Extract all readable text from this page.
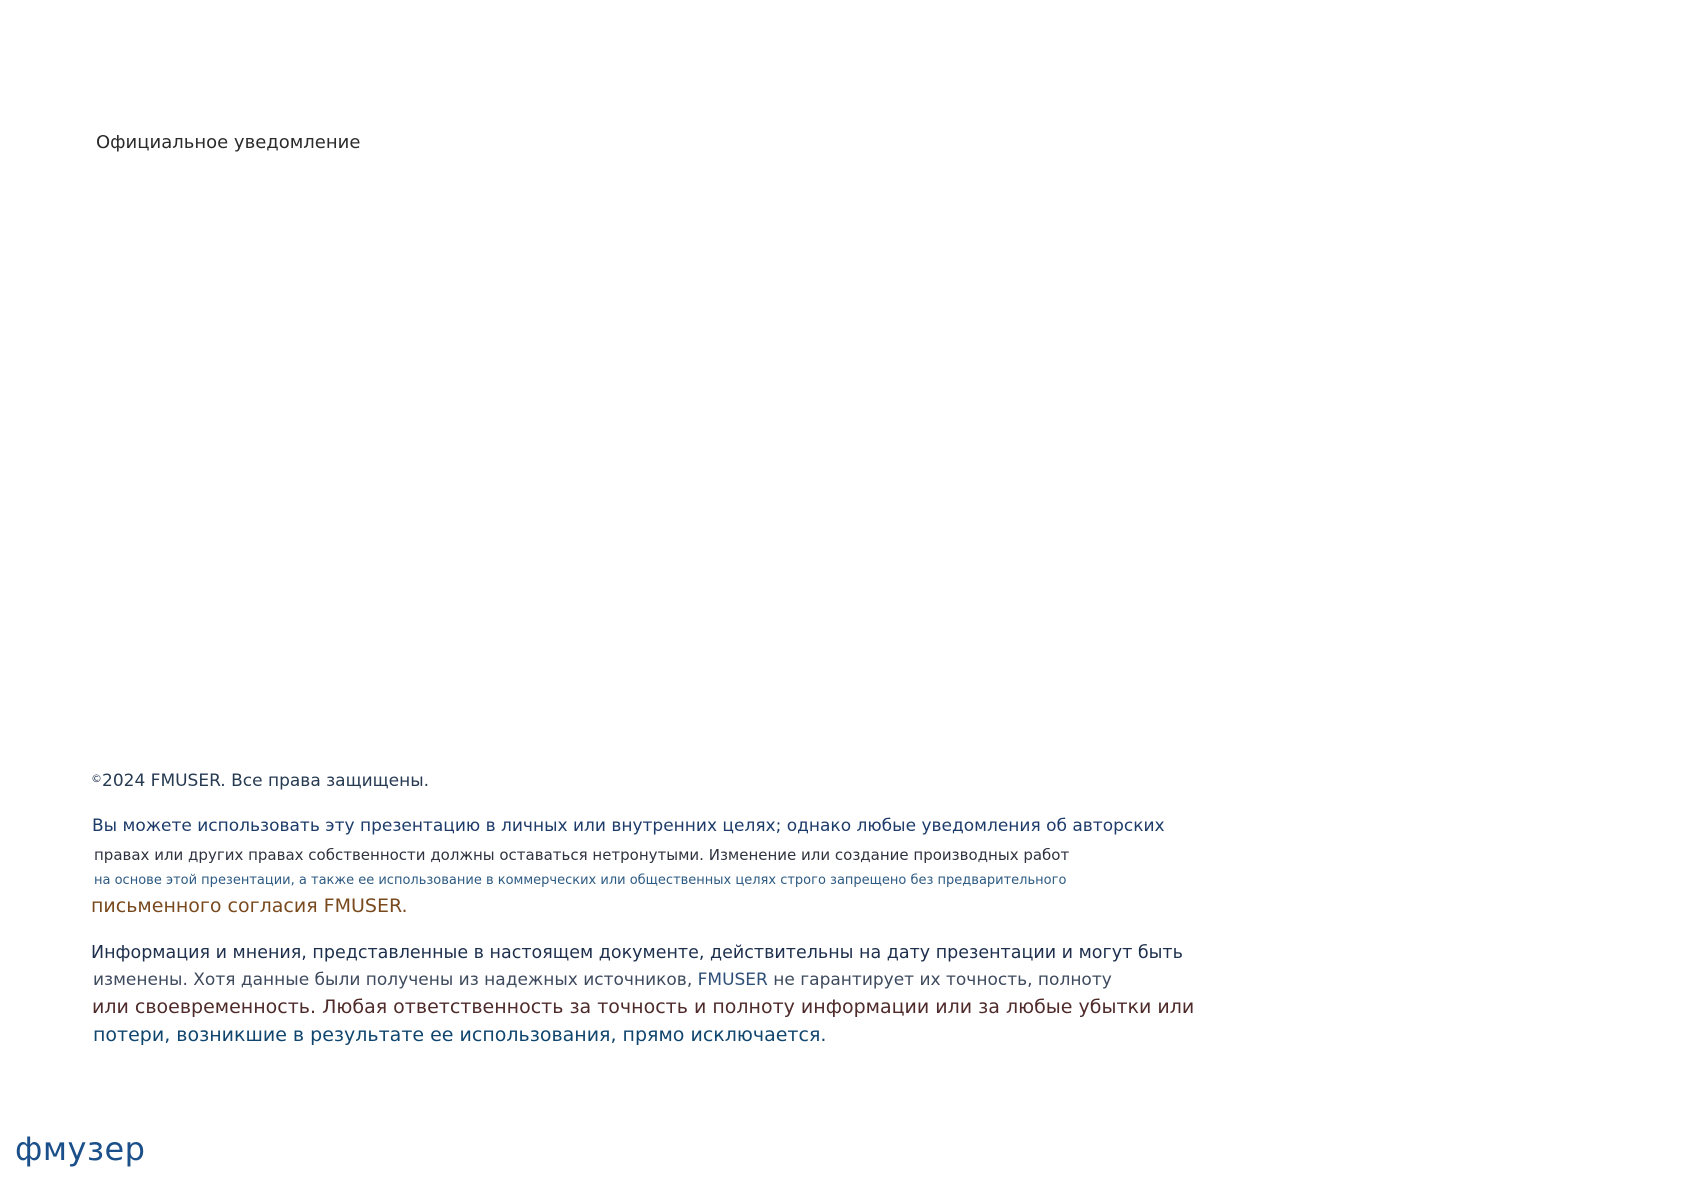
Официальное уведомление
©2024 FMUSER. Все права защищены.
Вы можете использовать эту презентацию в личных или внутренних целях; однако любые уведомления об авторских
правах или других правах собственности должны оставаться нетронутыми. Изменение или создание производных работ
на основе этой презентации, а также ее использование в коммерческих или общественных целях строго запрещено без предварительного
письменного согласия FMUSER.
Информация и мнения, представленные в настоящем документе, действительны на дату презентации и могут быть
изменены. Хотя данные были получены из надежных источников, FMUSER не гарантирует их точность, полноту
или своевременность. Любая ответственность за точность и полноту информации или за любые убытки или
потери, возникшие в результате ее использования, прямо исключается.
фмузер
